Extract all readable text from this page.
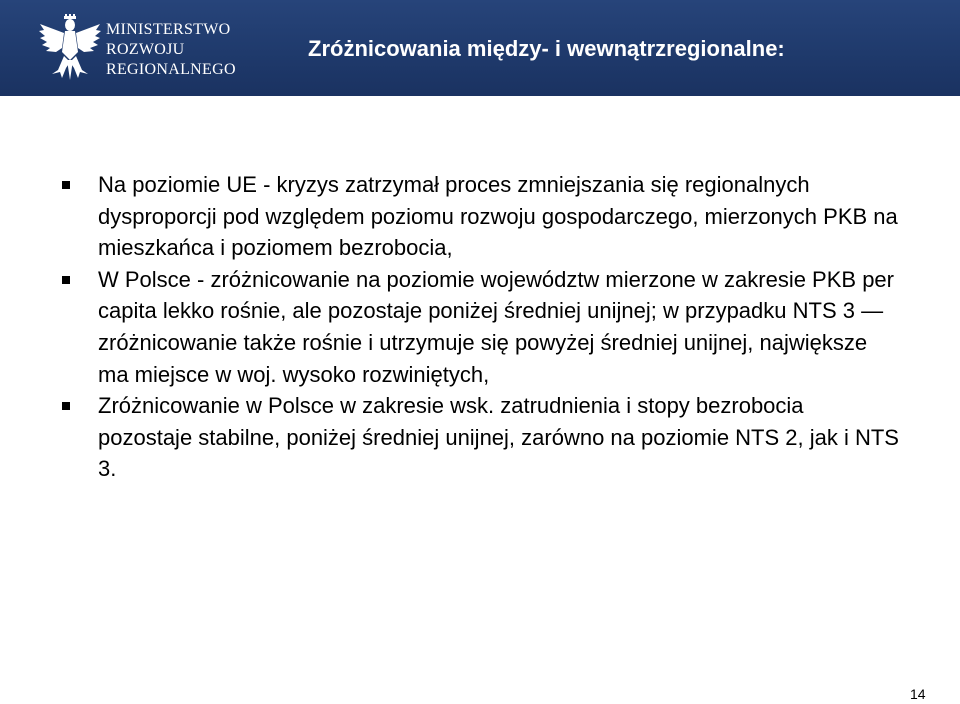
MINISTERSTWO
ROZWOJU
REGIONALNEGO
Zróżnicowania między- i wewnątrzregionalne:
Na poziomie UE - kryzys zatrzymał proces zmniejszania się regionalnych dysproporcji pod względem poziomu rozwoju gospodarczego, mierzonych PKB na mieszkańca i poziomem bezrobocia,
W Polsce - zróżnicowanie na poziomie województw mierzone w zakresie PKB per capita lekko rośnie, ale pozostaje poniżej średniej unijnej; w przypadku NTS 3 — zróżnicowanie także rośnie i utrzymuje się powyżej średniej unijnej, największe ma miejsce w woj. wysoko rozwiniętych,
Zróżnicowanie w Polsce w zakresie wsk. zatrudnienia i stopy bezrobocia pozostaje stabilne, poniżej średniej unijnej, zarówno na poziomie NTS 2, jak i NTS 3.
14
